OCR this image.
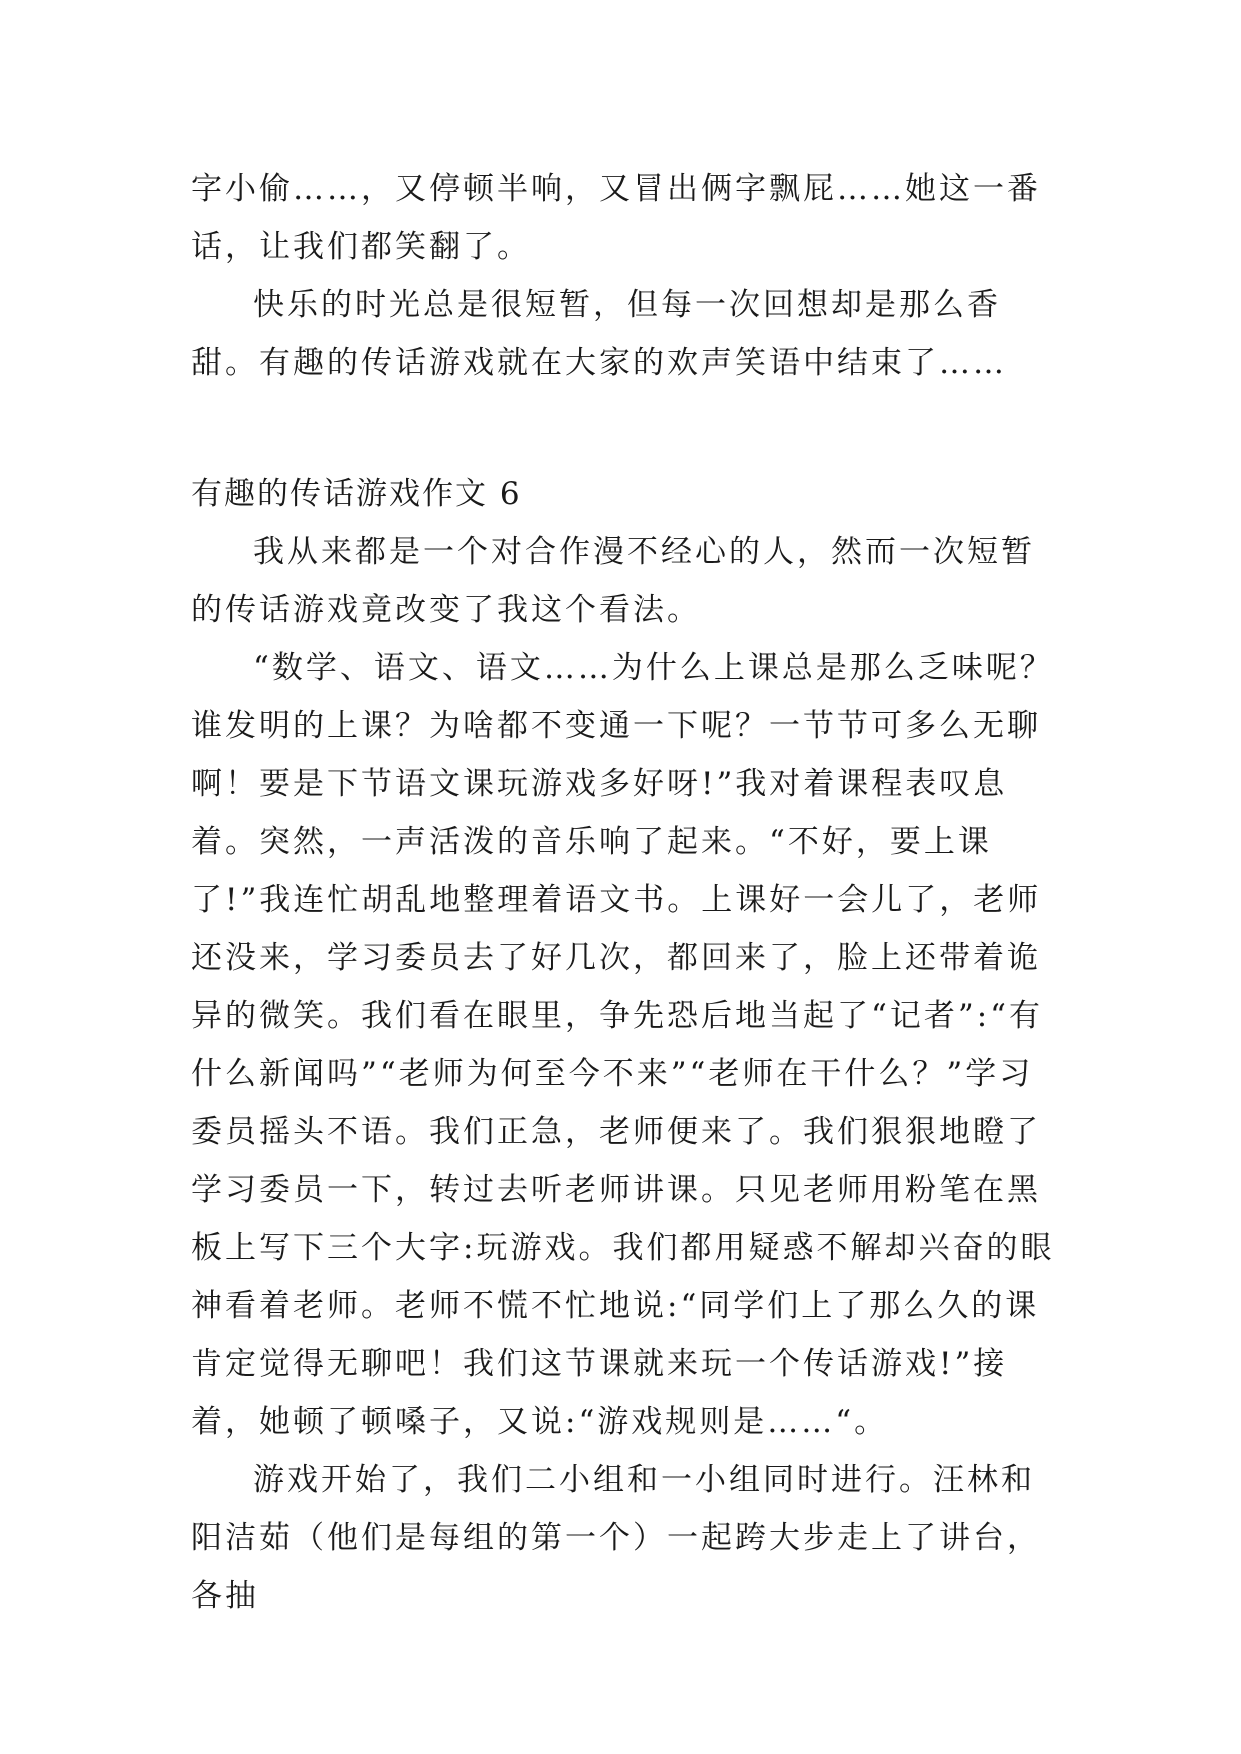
字小偷……，又停顿半响，又冒出俩字飘屁……她这一番话，让我们都笑翻了。

快乐的时光总是很短暂，但每一次回想却是那么香甜。有趣的传话游戏就在大家的欢声笑语中结束了……

有趣的传话游戏作文 6

我从来都是一个对合作漫不经心的人，然而一次短暂的传话游戏竟改变了我这个看法。

“数学、语文、语文……为什么上课总是那么乏味呢？谁发明的上课？为啥都不变通一下呢？一节节可多么无聊啊！要是下节语文课玩游戏多好呀!”我对着课程表叹息着。突然，一声活泼的音乐响了起来。“不好，要上课了!”我连忙胡乱地整理着语文书。上课好一会儿了，老师还没来，学习委员去了好几次，都回来了，脸上还带着诡异的微笑。我们看在眼里，争先恐后地当起了“记者”:“有什么新闻吗”“老师为何至今不来”“老师在干什么？”学习委员摇头不语。我们正急，老师便来了。我们狠狠地瞪了学习委员一下，转过去听老师讲课。只见老师用粉笔在黑板上写下三个大字:玩游戏。我们都用疑惑不解却兴奋的眼神看着老师。老师不慌不忙地说:“同学们上了那么久的课肯定觉得无聊吧！我们这节课就来玩一个传话游戏!”接着，她顿了顿嗓子，又说:“游戏规则是……“。

游戏开始了，我们二小组和一小组同时进行。汪林和阳洁茹（他们是每组的第一个）一起跨大步走上了讲台，各抽
